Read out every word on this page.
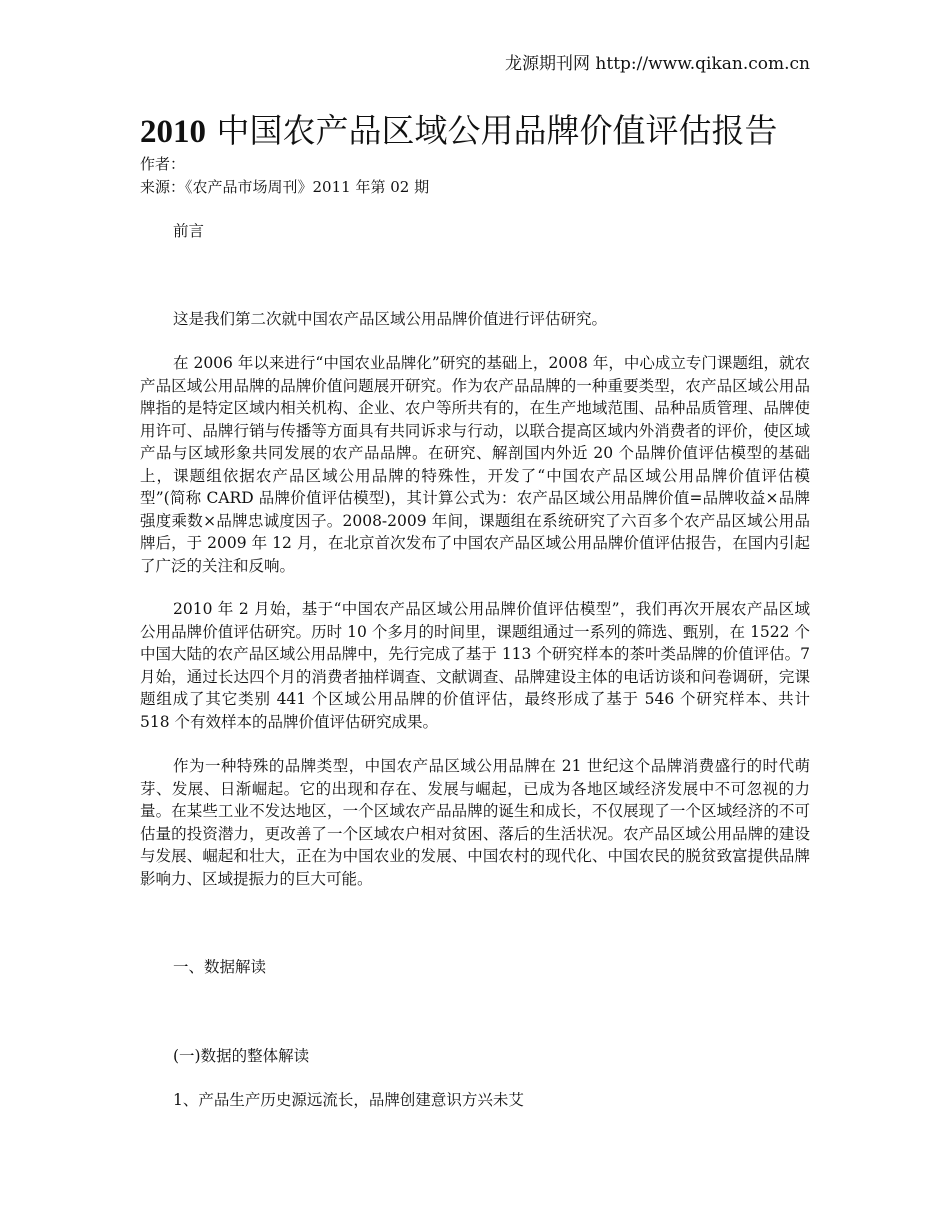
龙源期刊网 http://www.qikan.com.cn
2010 中国农产品区域公用品牌价值评估报告
作者：
来源：《农产品市场周刊》2011 年第 02 期

前言

这是我们第二次就中国农产品区域公用品牌价值进行评估研究。

在 2006 年以来进行“中国农业品牌化”研究的基础上，2008 年，中心成立专门课题组，就农产品区域公用品牌的品牌价值问题展开研究。作为农产品品牌的一种重要类型，农产品区域公用品牌指的是特定区域内相关机构、企业、农户等所共有的，在生产地域范围、品种品质管理、品牌使用许可、品牌行销与传播等方面具有共同诉求与行动，以联合提高区域内外消费者的评价，使区域产品与区域形象共同发展的农产品品牌。在研究、解剖国内外近 20 个品牌价值评估模型的基础上，课题组依据农产品区域公用品牌的特殊性，开发了“中国农产品区域公用品牌价值评估模型”(简称 CARD 品牌价值评估模型)，其计算公式为：农产品区域公用品牌价值=品牌收益×品牌强度乘数×品牌忠诚度因子。2008-2009 年间，课题组在系统研究了六百多个农产品区域公用品牌后，于 2009 年 12 月，在北京首次发布了中国农产品区域公用品牌价值评估报告，在国内引起了广泛的关注和反响。

2010 年 2 月始，基于“中国农产品区域公用品牌价值评估模型”，我们再次开展农产品区域公用品牌价值评估研究。历时 10 个多月的时间里，课题组通过一系列的筛选、甄别，在 1522 个中国大陆的农产品区域公用品牌中，先行完成了基于 113 个研究样本的茶叶类品牌的价值评估。7 月始，通过长达四个月的消费者抽样调查、文献调查、品牌建设主体的电话访谈和问卷调研，完课题组成了其它类别 441 个区域公用品牌的价值评估，最终形成了基于 546 个研究样本、共计 518 个有效样本的品牌价值评估研究成果。

作为一种特殊的品牌类型，中国农产品区域公用品牌在 21 世纪这个品牌消费盛行的时代萌芽、发展、日渐崛起。它的出现和存在、发展与崛起，已成为各地区域经济发展中不可忽视的力量。在某些工业不发达地区，一个区域农产品品牌的诞生和成长，不仅展现了一个区域经济的不可估量的投资潜力，更改善了一个区域农户相对贫困、落后的生活状况。农产品区域公用品牌的建设与发展、崛起和壮大，正在为中国农业的发展、中国农村的现代化、中国农民的脱贫致富提供品牌影响力、区域提振力的巨大可能。

一、数据解读

(一)数据的整体解读

1、产品生产历史源远流长，品牌创建意识方兴未艾
